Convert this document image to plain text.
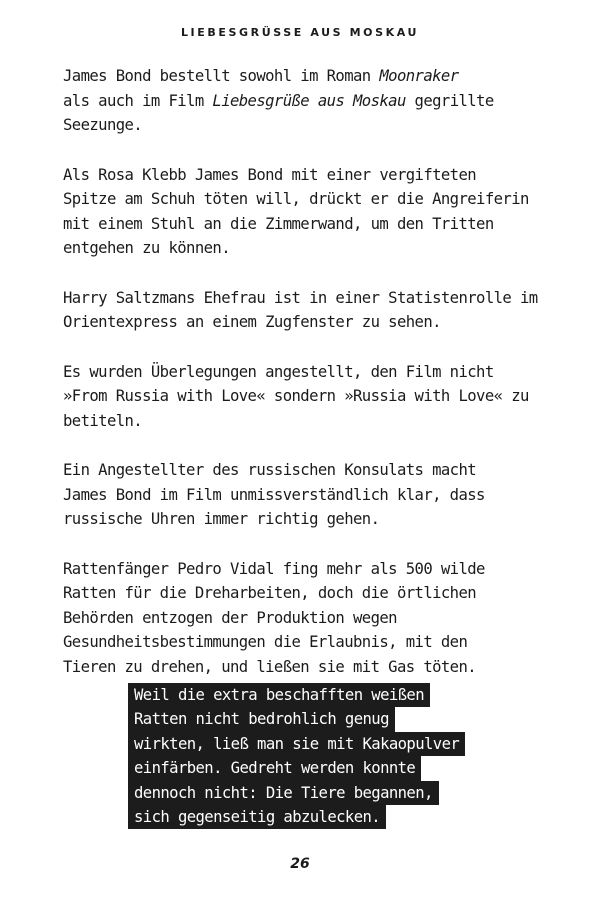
LIEBESGRÜSSE AUS MOSKAU

James Bond bestellt sowohl im Roman Moonraker
als auch im Film Liebesgrüße aus Moskau gegrillte
Seezunge.

Als Rosa Klebb James Bond mit einer vergifteten
Spitze am Schuh töten will, drückt er die Angreiferin
mit einem Stuhl an die Zimmerwand, um den Tritten
entgehen zu können.

Harry Saltzmans Ehefrau ist in einer Statistenrolle im
Orientexpress an einem Zugfenster zu sehen.

Es wurden Überlegungen angestellt, den Film nicht
»From Russia with Love« sondern »Russia with Love« zu
betiteln.

Ein Angestellter des russischen Konsulats macht
James Bond im Film unmissverständlich klar, dass
russische Uhren immer richtig gehen.

Rattenfänger Pedro Vidal fing mehr als 500 wilde
Ratten für die Dreharbeiten, doch die örtlichen
Behörden entzogen der Produktion wegen
Gesundheitsbestimmungen die Erlaubnis, mit den
Tieren zu drehen, und ließen sie mit Gas töten.

Weil die extra beschafften weißen
Ratten nicht bedrohlich genug
wirkten, ließ man sie mit Kakaopulver
einfärben. Gedreht werden konnte
dennoch nicht: Die Tiere begannen,
sich gegenseitig abzulecken.
26
